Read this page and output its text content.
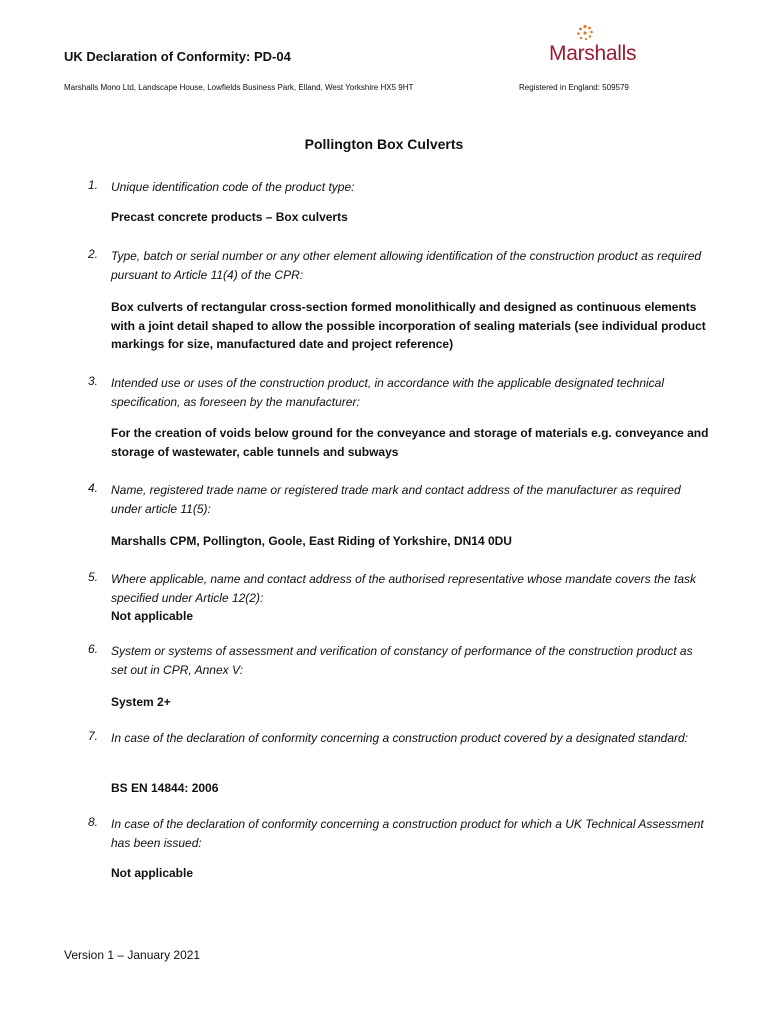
UK Declaration of Conformity: PD-04
Marshalls Mono Ltd, Landscape House, Lowfields Business Park, Elland, West Yorkshire HX5 9HT	Registered in England: 509579
Marshalls
Pollington Box Culverts
1. Unique identification code of the product type:
Precast concrete products – Box culverts
2. Type, batch or serial number or any other element allowing identification of the construction product as required pursuant to Article 11(4) of the CPR:
Box culverts of rectangular cross-section formed monolithically and designed as continuous elements with a joint detail shaped to allow the possible incorporation of sealing materials (see individual product markings for size, manufactured date and project reference)
3. Intended use or uses of the construction product, in accordance with the applicable designated technical specification, as foreseen by the manufacturer:
For the creation of voids below ground for the conveyance and storage of materials e.g. conveyance and storage of wastewater, cable tunnels and subways
4. Name, registered trade name or registered trade mark and contact address of the manufacturer as required under article 11(5):
Marshalls CPM, Pollington, Goole, East Riding of Yorkshire, DN14 0DU
5. Where applicable, name and contact address of the authorised representative whose mandate covers the task specified under Article 12(2):
Not applicable
6. System or systems of assessment and verification of constancy of performance of the construction product as set out in CPR, Annex V:
System 2+
7. In case of the declaration of conformity concerning a construction product covered by a designated standard:
BS EN 14844: 2006
8. In case of the declaration of conformity concerning a construction product for which a UK Technical Assessment has been issued:
Not applicable
Version 1 – January 2021
